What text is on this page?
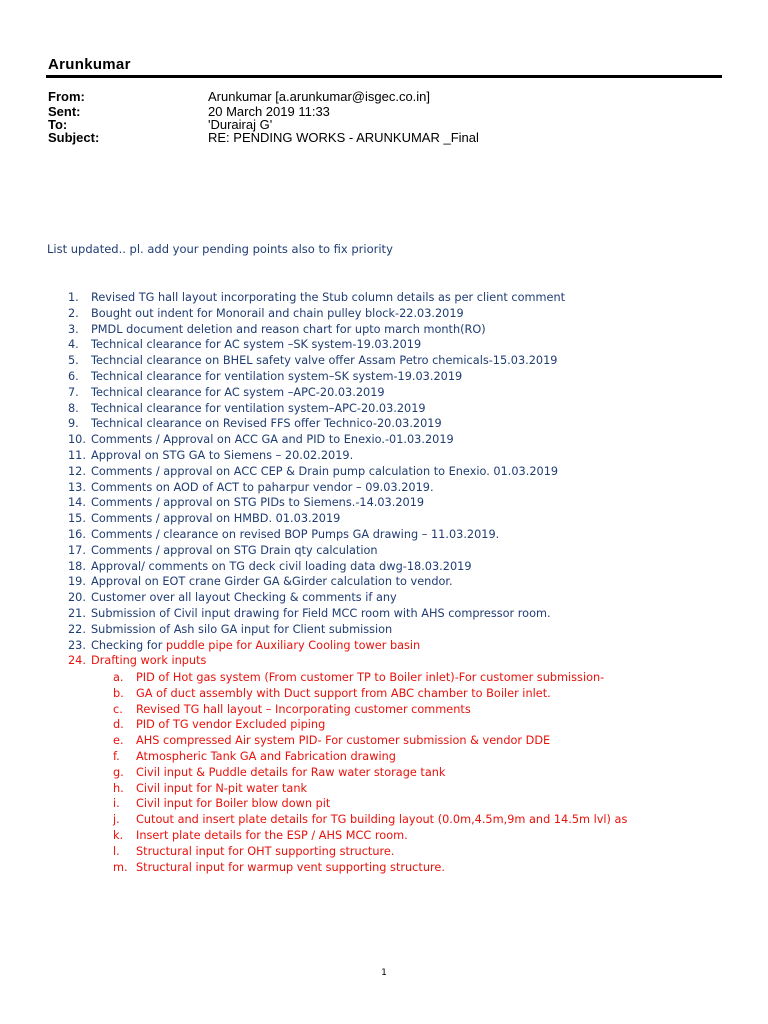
Arunkumar
From:	Arunkumar [a.arunkumar@isgec.co.in]
Sent:	20 March 2019 11:33
To:	'Durairaj G'
Subject:	RE: PENDING WORKS - ARUNKUMAR _Final
List updated.. pl. add your pending points also to fix priority
1. Revised TG hall layout incorporating the Stub column details as per client comment
2. Bought out indent for Monorail and chain pulley block-22.03.2019
3. PMDL document deletion and reason chart for upto march month(RO)
4. Technical clearance for AC system –SK system-19.03.2019
5. Techncial clearance on BHEL safety valve offer Assam Petro chemicals-15.03.2019
6. Technical clearance for ventilation system–SK system-19.03.2019
7. Technical clearance for AC system –APC-20.03.2019
8. Technical clearance for ventilation system–APC-20.03.2019
9. Technical clearance on Revised FFS offer Technico-20.03.2019
10. Comments / Approval on ACC GA and PID to Enexio.-01.03.2019
11. Approval on STG GA to Siemens – 20.02.2019.
12. Comments / approval on ACC CEP & Drain pump calculation to Enexio. 01.03.2019
13. Comments on AOD of ACT to paharpur vendor – 09.03.2019.
14. Comments / approval on STG PIDs to Siemens.-14.03.2019
15. Comments / approval on HMBD. 01.03.2019
16. Comments / clearance on revised BOP Pumps GA drawing – 11.03.2019.
17. Comments / approval on STG Drain qty calculation
18. Approval/ comments on TG deck civil loading data dwg-18.03.2019
19. Approval on EOT crane Girder GA &Girder calculation to vendor.
20. Customer over all layout Checking & comments if any
21. Submission of Civil input drawing for Field MCC room with AHS compressor room.
22. Submission of Ash silo GA input for Client submission
23. Checking for puddle pipe for Auxiliary Cooling tower basin
24. Drafting work inputs
a. PID of Hot gas system (From customer TP to Boiler inlet)-For customer submission-
b. GA of duct assembly with Duct support from ABC chamber to Boiler inlet.
c. Revised TG hall layout – Incorporating customer comments
d. PID of TG vendor Excluded piping
e. AHS compressed Air system PID- For customer submission & vendor DDE
f. Atmospheric Tank GA and Fabrication drawing
g. Civil input & Puddle details for Raw water storage tank
h. Civil input for N-pit water tank
i. Civil input for Boiler blow down pit
j. Cutout and insert plate details for TG building layout (0.0m,4.5m,9m and 14.5m lvl) as
k. Insert plate details for the ESP / AHS MCC room.
l. Structural input for OHT supporting structure.
m. Structural input for warmup vent supporting structure.
1
